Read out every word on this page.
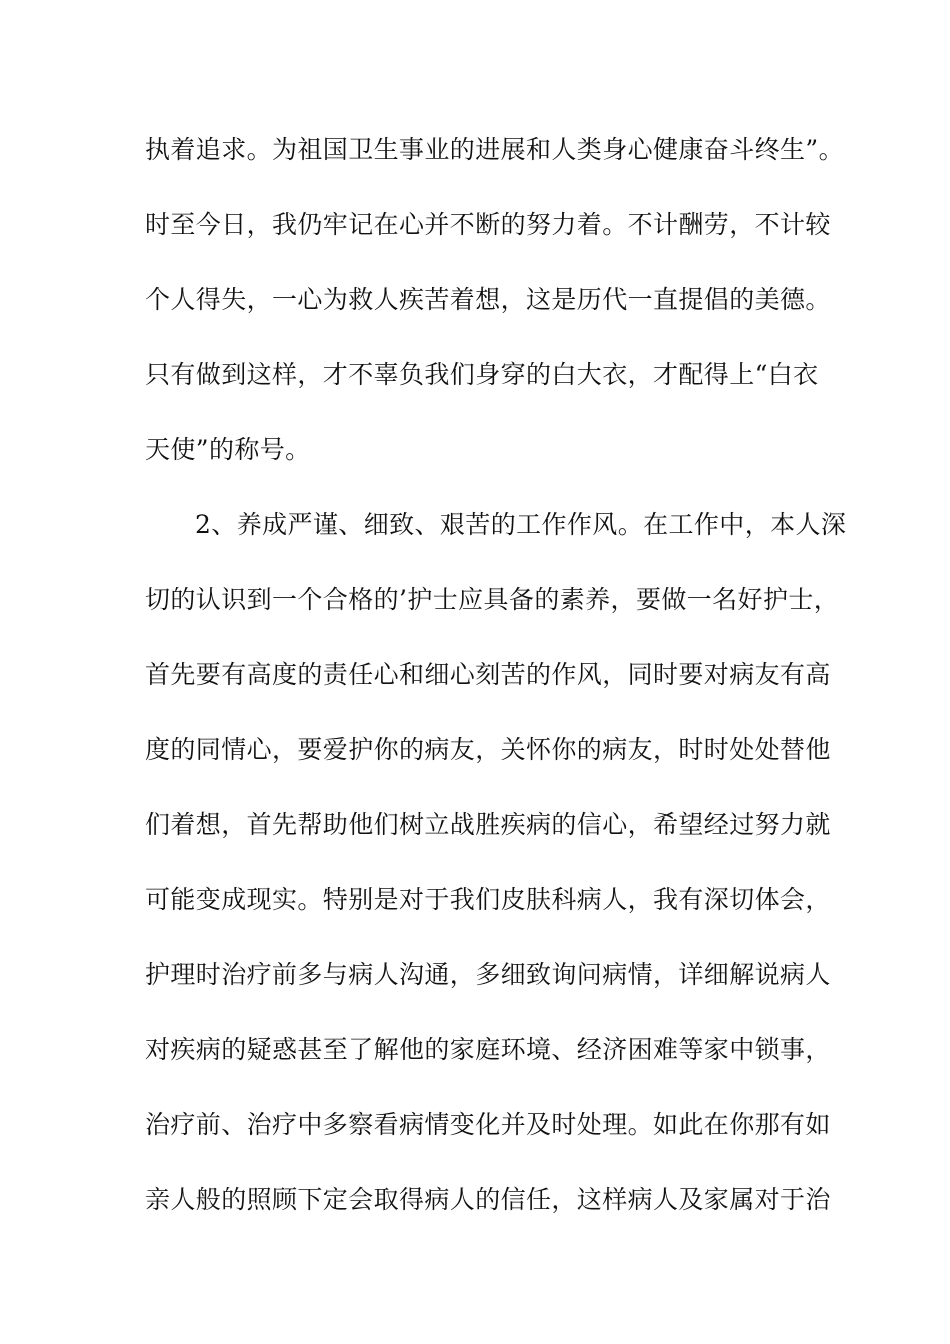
执着追求。为祖国卫生事业的进展和人类身心健康奋斗终生”。
时至今日，我仍牢记在心并不断的努力着。不计酬劳，不计较
个人得失，一心为救人疾苦着想，这是历代一直提倡的美德。
只有做到这样，才不辜负我们身穿的白大衣，才配得上“白衣
天使”的称号。
2、养成严谨、细致、艰苦的工作作风。在工作中，本人深
切的认识到一个合格的’护士应具备的素养，要做一名好护士，
首先要有高度的责任心和细心刻苦的作风，同时要对病友有高
度的同情心，要爱护你的病友，关怀你的病友，时时处处替他
们着想，首先帮助他们树立战胜疾病的信心，希望经过努力就
可能变成现实。特别是对于我们皮肤科病人，我有深切体会，
护理时治疗前多与病人沟通，多细致询问病情，详细解说病人
对疾病的疑惑甚至了解他的家庭环境、经济困难等家中锁事，
治疗前、治疗中多察看病情变化并及时处理。如此在你那有如
亲人般的照顾下定会取得病人的信任，这样病人及家属对于治
